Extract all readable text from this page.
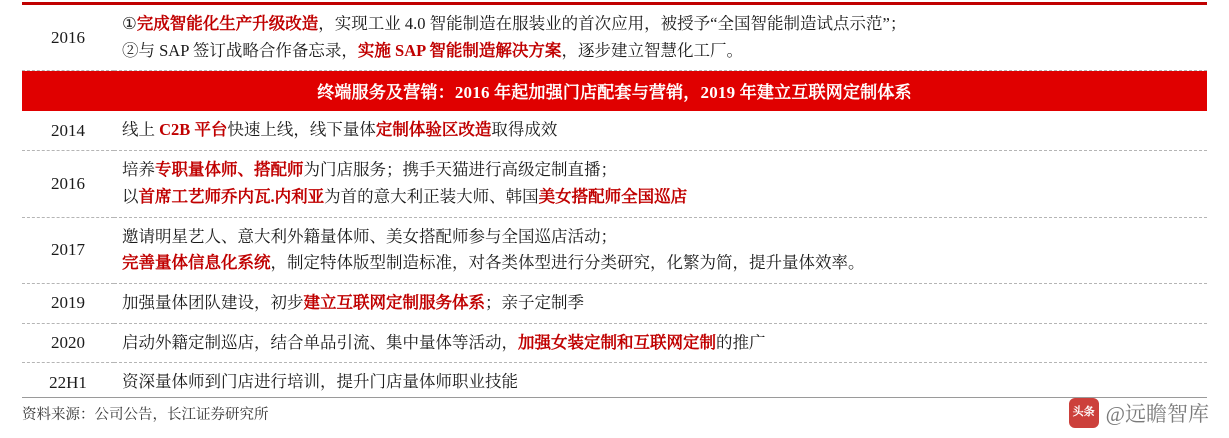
2016	①完成智能化生产升级改造，实现工业 4.0 智能制造在服装业的首次应用，被授予“全国智能制造试点示范”；
②与 SAP 签订战略合作备忘录，实施 SAP 智能制造解决方案，逐步建立智慧化工厂。

终端服务及营销：2016 年起加强门店配套与营销，2019 年建立互联网定制体系	

2014	线上 C2B 平台快速上线，线下量体定制体验区改造取得成效

2016	培养专职量体师、搭配师为门店服务；携手天猫进行高级定制直播；
以首席工艺师乔内瓦.内利亚为首的意大利正装大师、韩国美女搭配师全国巡店

2017	邀请明星艺人、意大利外籍量体师、美女搭配师参与全国巡店活动；
完善量体信息化系统，制定特体版型制造标准，对各类体型进行分类研究，化繁为简，提升量体效率。

2019	加强量体团队建设，初步建立互联网定制服务体系；亲子定制季

2020	启动外籍定制巡店，结合单品引流、集中量体等活动，加强女装定制和互联网定制的推广

22H1	资深量体师到门店进行培训，提升门店量体师职业技能
资料来源：公司公告，长江证券研究所	头条 @远瞻智库
